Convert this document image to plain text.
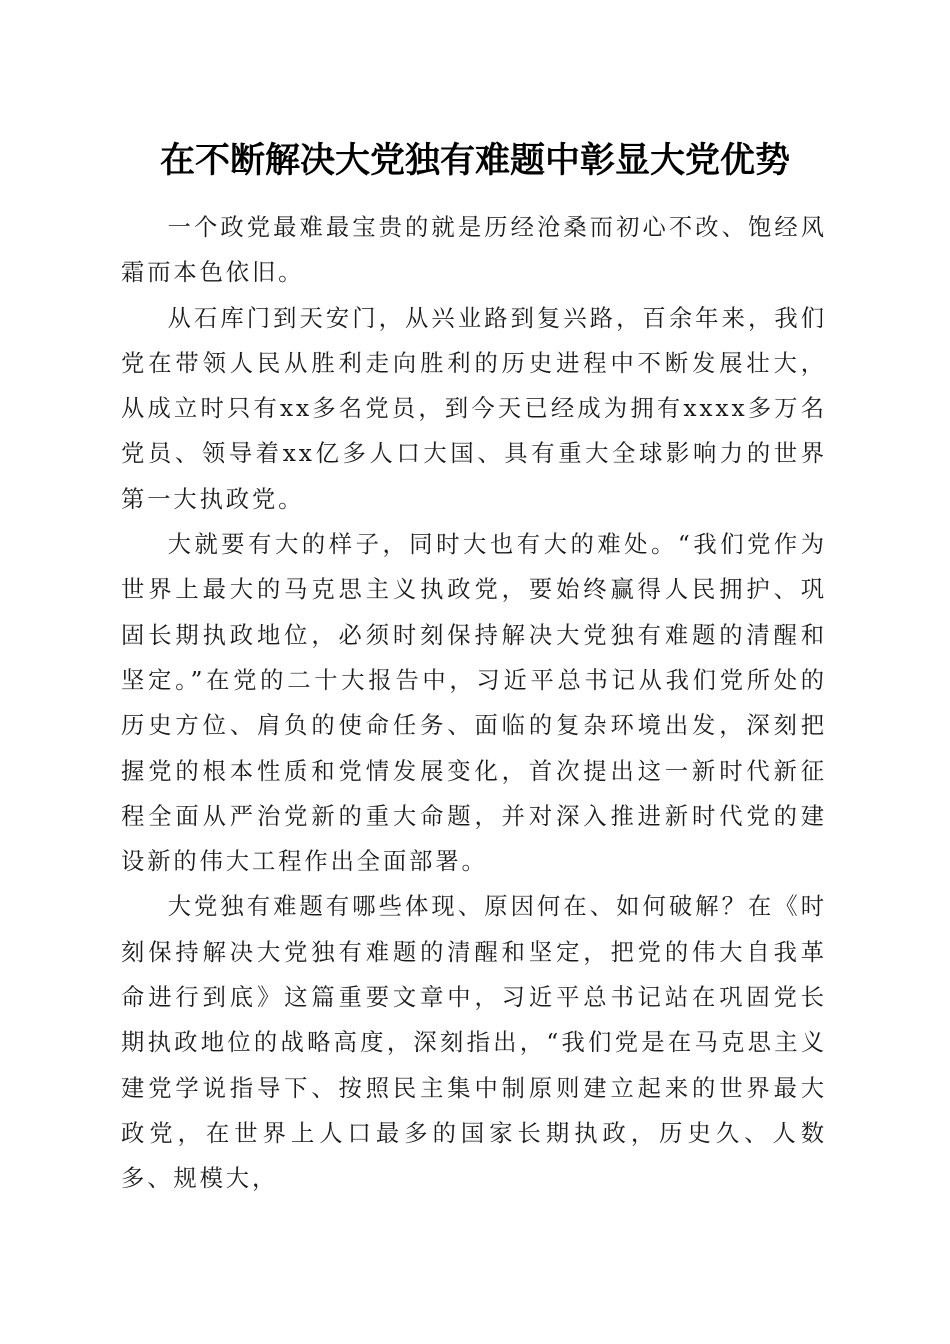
在不断解决大党独有难题中彰显大党优势

一个政党最难最宝贵的就是历经沧桑而初心不改、饱经风霜而本色依旧。

从石库门到天安门，从兴业路到复兴路，百余年来，我们党在带领人民从胜利走向胜利的历史进程中不断发展壮大，从成立时只有xx多名党员，到今天已经成为拥有xxxx多万名党员、领导着xx亿多人口大国、具有重大全球影响力的世界第一大执政党。

大就要有大的样子，同时大也有大的难处。“我们党作为世界上最大的马克思主义执政党，要始终赢得人民拥护、巩固长期执政地位，必须时刻保持解决大党独有难题的清醒和坚定。”在党的二十大报告中，习近平总书记从我们党所处的历史方位、肩负的使命任务、面临的复杂环境出发，深刻把握党的根本性质和党情发展变化，首次提出这一新时代新征程全面从严治党新的重大命题，并对深入推进新时代党的建设新的伟大工程作出全面部署。

大党独有难题有哪些体现、原因何在、如何破解？在《时刻保持解决大党独有难题的清醒和坚定，把党的伟大自我革命进行到底》这篇重要文章中，习近平总书记站在巩固党长期执政地位的战略高度，深刻指出，“我们党是在马克思主义建党学说指导下、按照民主集中制原则建立起来的世界最大政党，在世界上人口最多的国家长期执政，历史久、人数多、规模大，
